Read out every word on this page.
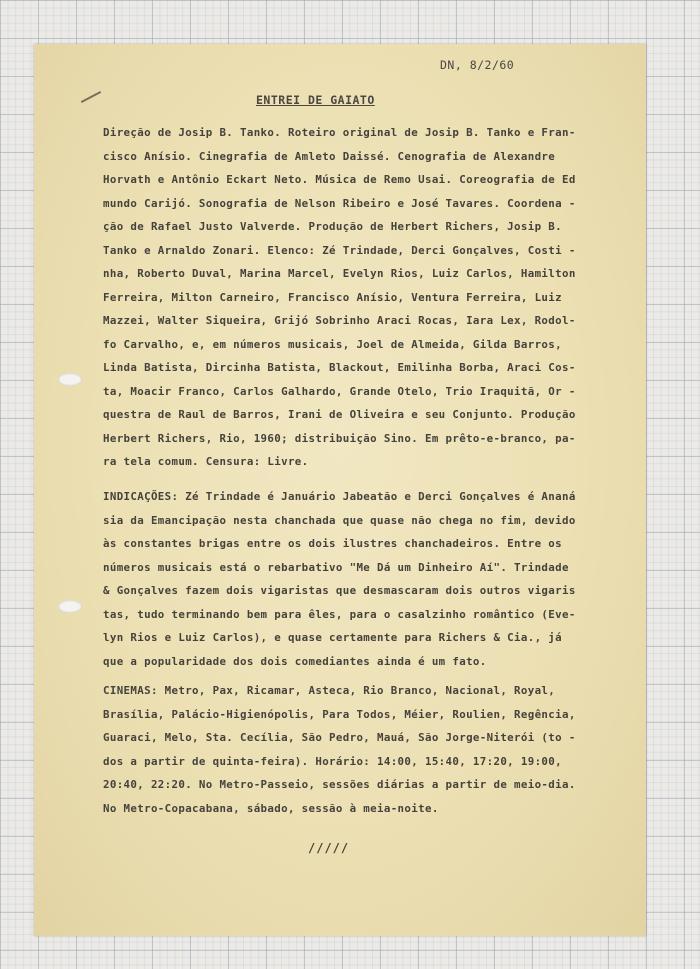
DN, 8/2/60
ENTREI DE GAIATO

Direção de Josip B. Tanko. Roteiro original de Josip B. Tanko e Fran-
cisco Anísio. Cinegrafia de Amleto Daissé. Cenografia de Alexandre
Horvath e Antônio Eckart Neto. Música de Remo Usai. Coreografia de Ed
mundo Carijó. Sonografia de Nelson Ribeiro e José Tavares. Coordena -
ção de Rafael Justo Valverde. Produção de Herbert Richers, Josip B.
Tanko e Arnaldo Zonari. Elenco: Zé Trindade, Derci Gonçalves, Costi -
nha, Roberto Duval, Marina Marcel, Evelyn Rios, Luiz Carlos, Hamilton
Ferreira, Milton Carneiro, Francisco Anísio, Ventura Ferreira, Luiz
Mazzei, Walter Siqueira, Grijó Sobrinho Araci Rocas, Iara Lex, Rodol-
fo Carvalho, e, em números musicais, Joel de Almeida, Gilda Barros,
Linda Batista, Dircinha Batista, Blackout, Emilinha Borba, Araci Cos-
ta, Moacir Franco, Carlos Galhardo, Grande Otelo, Trio Iraquitã, Or -
questra de Raul de Barros, Irani de Oliveira e seu Conjunto. Produção
Herbert Richers, Rio, 1960; distribuição Sino. Em prêto-e-branco, pa-
ra tela comum. Censura: Livre.

INDICAÇÕES: Zé Trindade é Januário Jabeatão e Derci Gonçalves é Ananá
sia da Emancipação nesta chanchada que quase não chega no fim, devido
às constantes brigas entre os dois ilustres chanchadeiros. Entre os
números musicais está o rebarbativo "Me Dá um Dinheiro Aí". Trindade
& Gonçalves fazem dois vigaristas que desmascaram dois outros vigaris
tas, tudo terminando bem para êles, para o casalzinho romântico (Eve-
lyn Rios e Luiz Carlos), e quase certamente para Richers & Cia., já
que a popularidade dos dois comediantes ainda é um fato.

CINEMAS: Metro, Pax, Ricamar, Asteca, Rio Branco, Nacional, Royal,
Brasília, Palácio-Higienópolis, Para Todos, Méier, Roulien, Regência,
Guaraci, Melo, Sta. Cecília, São Pedro, Mauá, São Jorge-Niterói (to -
dos a partir de quinta-feira). Horário: 14:00, 15:40, 17:20, 19:00,
20:40, 22:20. No Metro-Passeio, sessões diárias a partir de meio-dia.
No Metro-Copacabana, sábado, sessão à meia-noite.

/////
